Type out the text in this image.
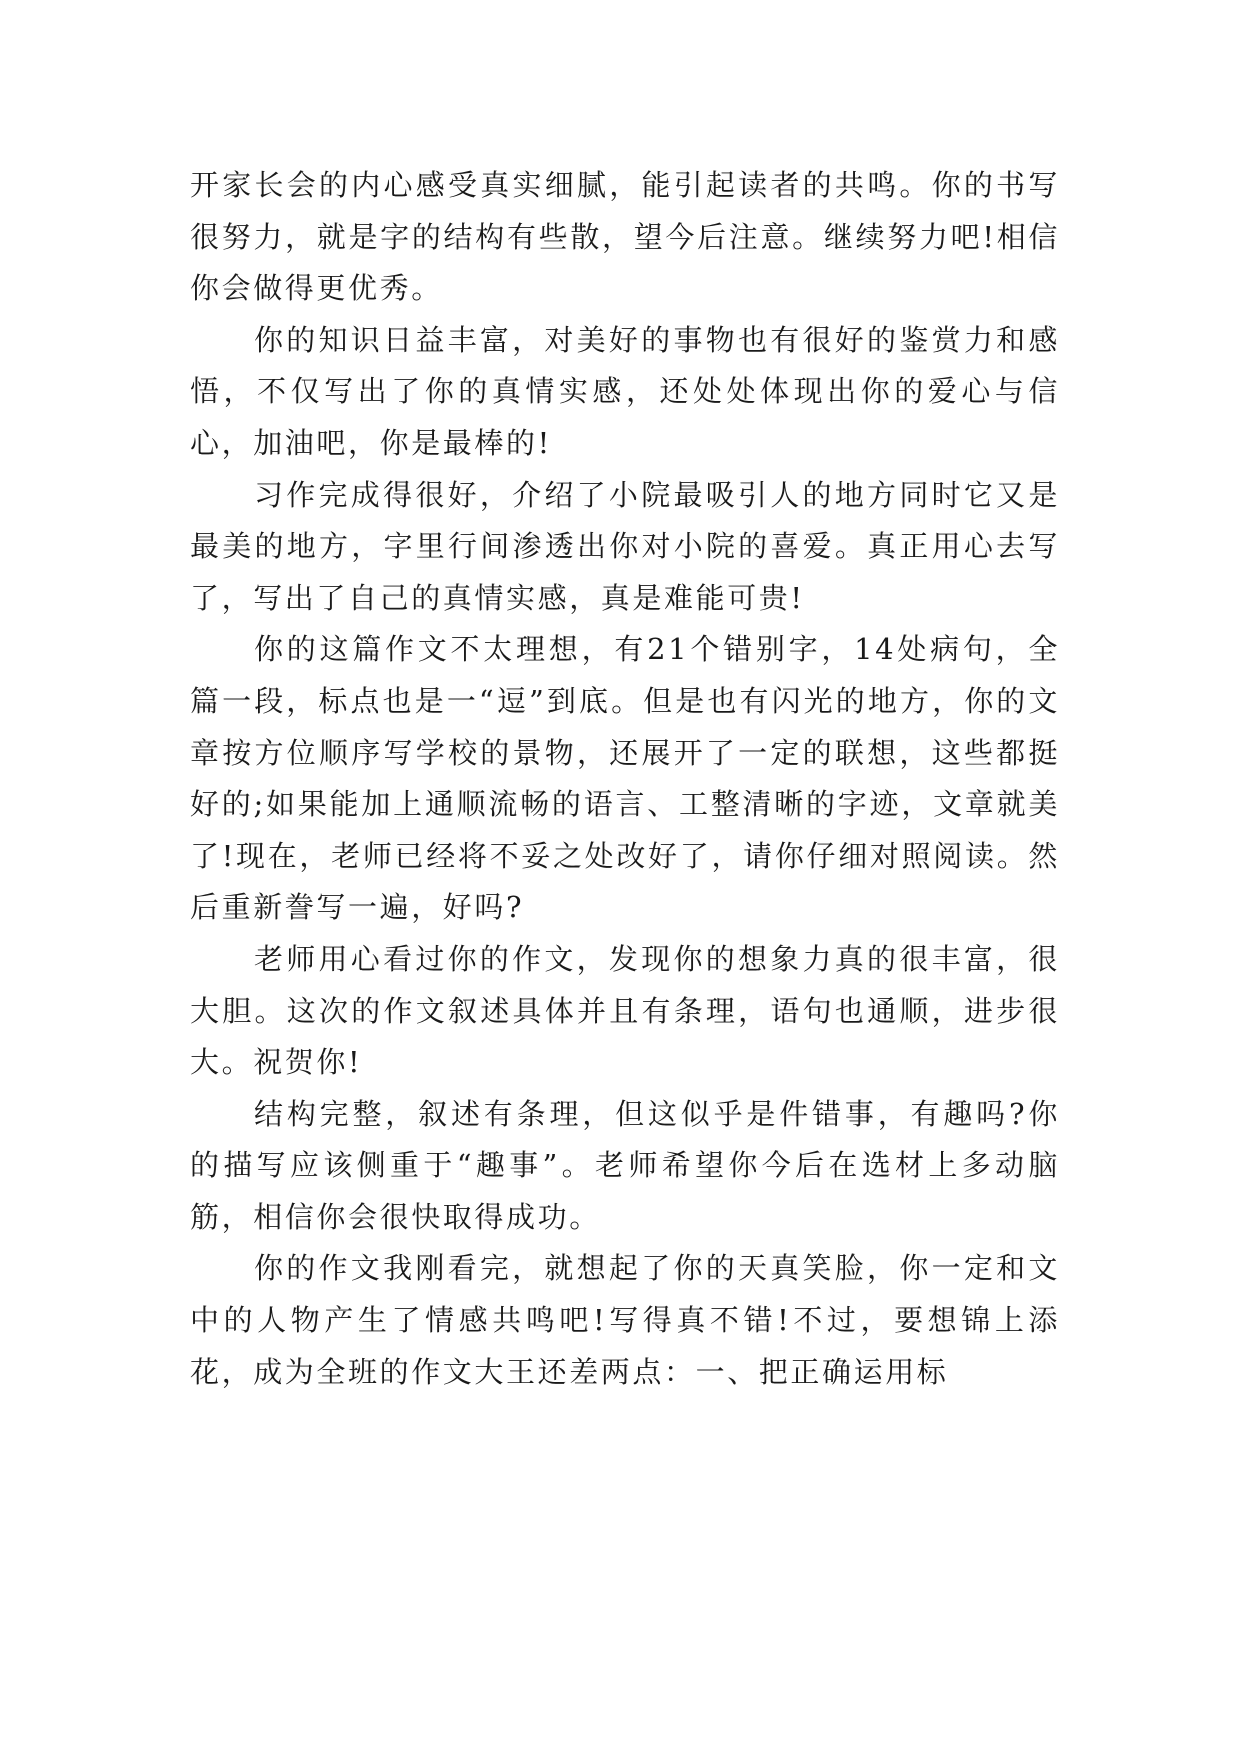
开家长会的内心感受真实细腻，能引起读者的共鸣。你的书写很努力，就是字的结构有些散，望今后注意。继续努力吧!相信你会做得更优秀。

你的知识日益丰富，对美好的事物也有很好的鉴赏力和感悟，不仅写出了你的真情实感，还处处体现出你的爱心与信心，加油吧，你是最棒的!

习作完成得很好，介绍了小院最吸引人的地方同时它又是最美的地方，字里行间渗透出你对小院的喜爱。真正用心去写了，写出了自己的真情实感，真是难能可贵!

你的这篇作文不太理想，有21个错别字，14处病句，全篇一段，标点也是一“逗”到底。但是也有闪光的地方，你的文章按方位顺序写学校的景物，还展开了一定的联想，这些都挺好的;如果能加上通顺流畅的语言、工整清晰的字迹，文章就美了!现在，老师已经将不妥之处改好了，请你仔细对照阅读。然后重新誊写一遍，好吗?

老师用心看过你的作文，发现你的想象力真的很丰富，很大胆。这次的作文叙述具体并且有条理，语句也通顺，进步很大。祝贺你!

结构完整，叙述有条理，但这似乎是件错事，有趣吗?你的描写应该侧重于“趣事”。老师希望你今后在选材上多动脑筋，相信你会很快取得成功。

你的作文我刚看完，就想起了你的天真笑脸，你一定和文中的人物产生了情感共鸣吧!写得真不错!不过，要想锦上添花，成为全班的作文大王还差两点：一、把正确运用标
